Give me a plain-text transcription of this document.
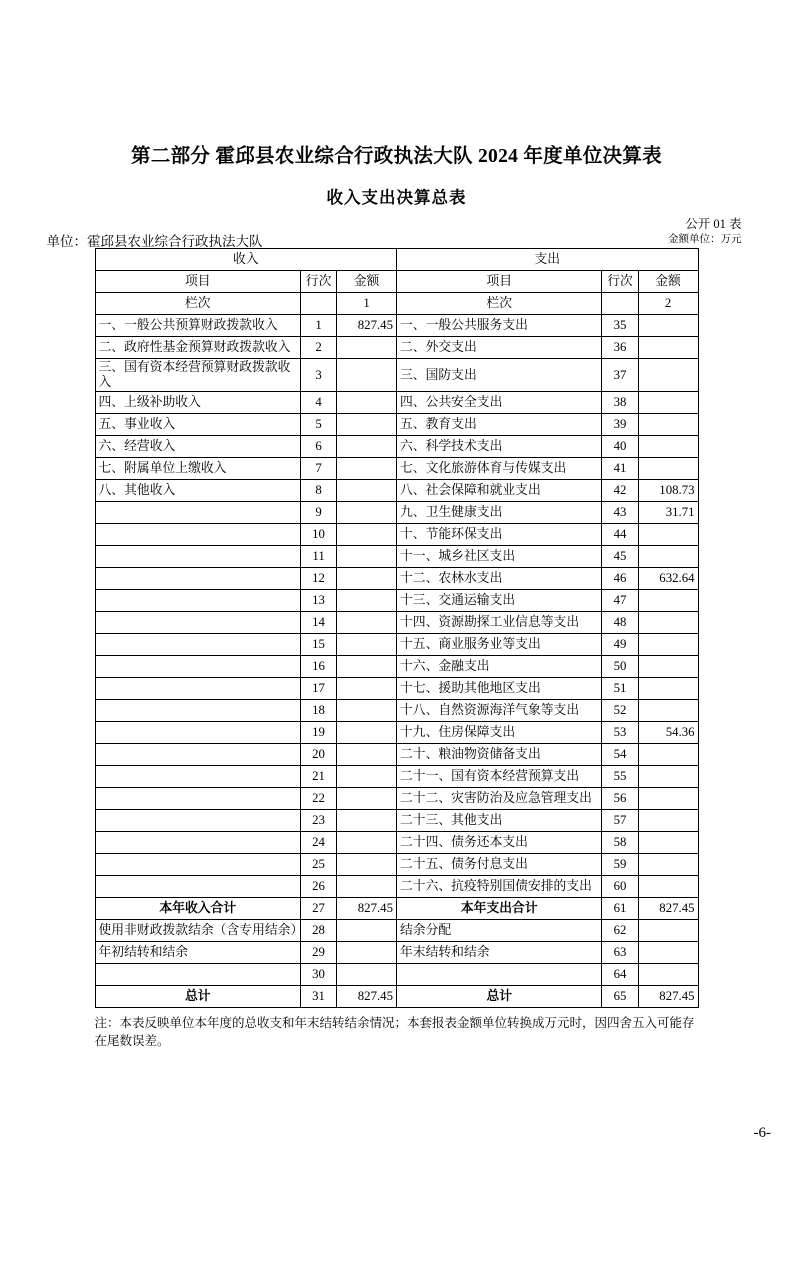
第二部分 霍邱县农业综合行政执法大队 2024 年度单位决算表
收入支出决算总表
公开 01 表
金额单位：万元
单位：霍邱县农业综合行政执法大队
收入			支出		
项目	行次	金额	项目	行次	金额
栏次		1	栏次		2
一、一般公共预算财政拨款收入	1	827.45	一、一般公共服务支出	35	
二、政府性基金预算财政拨款收入	2		二、外交支出	36	
三、国有资本经营预算财政拨款收入	3		三、国防支出	37	
四、上级补助收入	4		四、公共安全支出	38	
五、事业收入	5		五、教育支出	39	
六、经营收入	6		六、科学技术支出	40	
七、附属单位上缴收入	7		七、文化旅游体育与传媒支出	41	
八、其他收入	8		八、社会保障和就业支出	42	108.73
	9		九、卫生健康支出	43	31.71
	10		十、节能环保支出	44	
	11		十一、城乡社区支出	45	
	12		十二、农林水支出	46	632.64
	13		十三、交通运输支出	47	
	14		十四、资源勘探工业信息等支出	48	
	15		十五、商业服务业等支出	49	
	16		十六、金融支出	50	
	17		十七、援助其他地区支出	51	
	18		十八、自然资源海洋气象等支出	52	
	19		十九、住房保障支出	53	54.36
	20		二十、粮油物资储备支出	54	
	21		二十一、国有资本经营预算支出	55	
	22		二十二、灾害防治及应急管理支出	56	
	23		二十三、其他支出	57	
	24		二十四、债务还本支出	58	
	25		二十五、债务付息支出	59	
	26		二十六、抗疫特别国债安排的支出	60	
本年收入合计	27	827.45	本年支出合计	61	827.45
使用非财政拨款结余（含专用结余）	28		结余分配	62	
年初结转和结余	29		年末结转和结余	63	
	30			64	
总计	31	827.45	总计	65	827.45

注：本表反映单位本年度的总收支和年末结转结余情况；本套报表金额单位转换成万元时，因四舍五入可能存在尾数误差。

-6-
